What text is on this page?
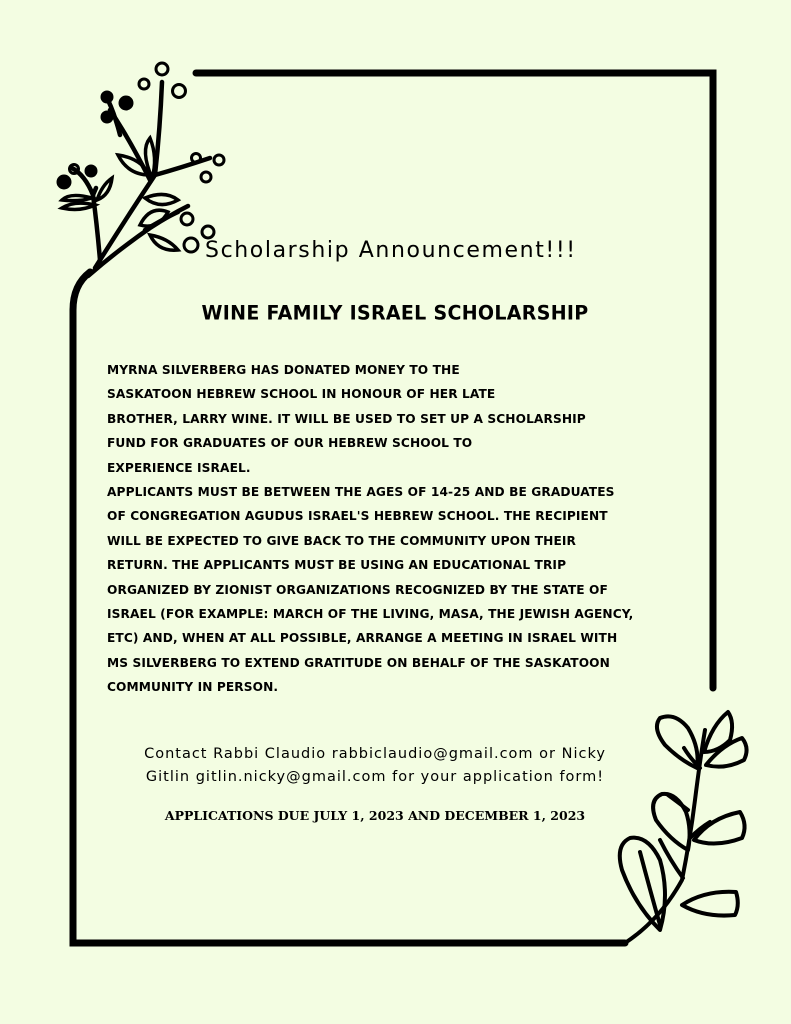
Scholarship Announcement!!!
WINE FAMILY ISRAEL SCHOLARSHIP
MYRNA SILVERBERG HAS DONATED MONEY TO THE
SASKATOON HEBREW SCHOOL IN HONOUR OF HER LATE
BROTHER, LARRY WINE. IT WILL BE USED TO SET UP A SCHOLARSHIP
FUND FOR GRADUATES OF OUR HEBREW SCHOOL TO
EXPERIENCE ISRAEL.
APPLICANTS MUST BE BETWEEN THE AGES OF 14-25 AND BE GRADUATES
OF CONGREGATION AGUDUS ISRAEL'S HEBREW SCHOOL. THE RECIPIENT
WILL BE EXPECTED TO GIVE BACK TO THE COMMUNITY UPON THEIR
RETURN. THE APPLICANTS MUST BE USING AN EDUCATIONAL TRIP
ORGANIZED BY ZIONIST ORGANIZATIONS RECOGNIZED BY THE STATE OF
ISRAEL (FOR EXAMPLE: MARCH OF THE LIVING, MASA, THE JEWISH AGENCY,
ETC) AND, WHEN AT ALL POSSIBLE, ARRANGE A MEETING IN ISRAEL WITH
MS SILVERBERG TO EXTEND GRATITUDE ON BEHALF OF THE SASKATOON
COMMUNITY IN PERSON.
Contact Rabbi Claudio rabbiclaudio@gmail.com or Nicky
Gitlin gitlin.nicky@gmail.com for your application form!
APPLICATIONS DUE JULY 1, 2023 AND DECEMBER 1, 2023
